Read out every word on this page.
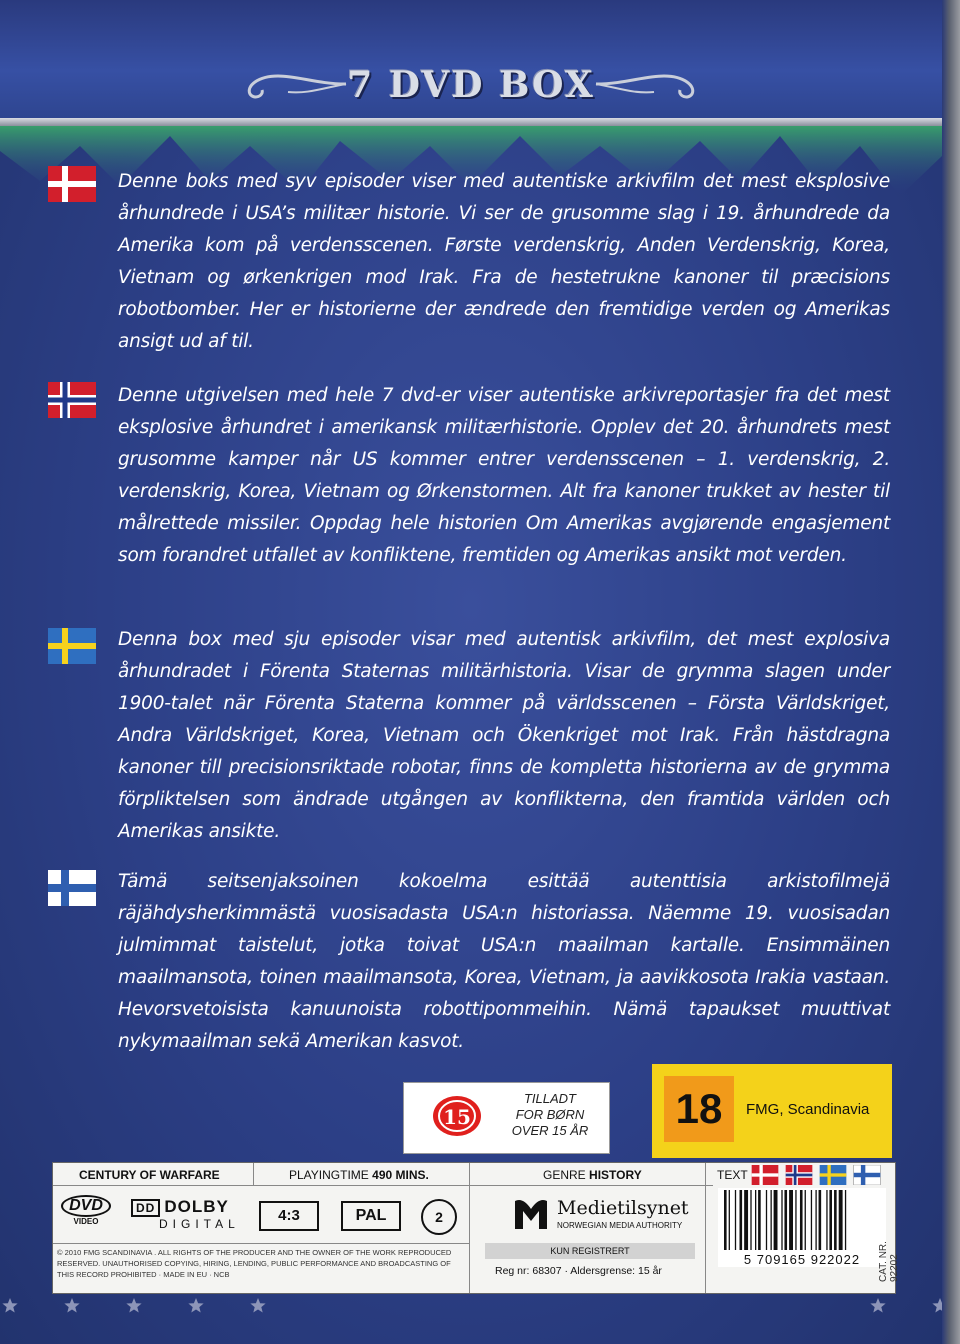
7 DVD BOX
Denne boks med syv episoder viser med autentiske arkivfilm det mest eksplosive århundrede i USA’s militær historie. Vi ser de grusomme slag i 19. århundrede da Amerika kom på verdensscenen. Første verdenskrig, Anden Verdenskrig, Korea, Vietnam og ørkenkrigen mod Irak. Fra de hestetrukne kanoner til præcisions robotbomber. Her er historierne der ændrede den fremtidige verden og Amerikas ansigt ud af til.
Denne utgivelsen med hele 7 dvd-er viser autentiske arkivreportasjer fra det mest eksplosive århundret i amerikansk militærhistorie. Opplev det 20. århundrets mest grusomme kamper når US kommer entrer verdensscenen – 1. verdenskrig, 2. verdenskrig, Korea, Vietnam og Ørkenstormen. Alt fra kanoner trukket av hester til målrettede missiler. Oppdag hele historien Om Amerikas avgjørende engasjement som forandret utfallet av konfliktene, fremtiden og Amerikas ansikt mot verden.
Denna box med sju episoder visar med autentisk arkivfilm, det mest explosiva århundradet i Förenta Staternas militärhistoria. Visar de grymma slagen under 1900-talet när Förenta Staterna kommer på världsscenen – Första Världskriget, Andra Världskriget, Korea, Vietnam och Ökenkriget mot Irak. Från hästdragna kanoner till precisionsriktade robotar, finns de kompletta historierna av de grymma förpliktelsen som ändrade utgången av konflikterna, den framtida världen och Amerikas ansikte.
Tämä seitsenjaksoinen kokoelma esittää autenttisia arkistofilmejä räjähdysherkimmästä vuosisadasta USA:n historiassa. Näemme 19. vuosisadan julmimmat taistelut, jotka toivat USA:n maailman kartalle. Ensimmäinen maailmansota, toinen maailmansota, Korea, Vietnam, ja aavikkosota Irakia vastaan. Hevorsvetoisista kanuunoista robottipommeihin. Nämä tapaukset muuttivat nykymaailman sekä Amerikan kasvot.
15
TILLADT
FOR BØRN
OVER 15 ÅR	18	FMG, Scandinavia
CENTURY OF WARFARE	PLAYINGTIME 490 MINS.	GENRE HISTORY	TEXT
DVD
VIDEO
DD DOLBY
DIGITAL	4:3	PAL	2
© 2010 FMG SCANDINAVIA . ALL RIGHTS OF THE PRODUCER AND THE OWNER OF THE WORK REPRODUCED RESERVED. UNAUTHORISED COPYING, HIRING, LENDING, PUBLIC PERFORMANCE AND BROADCASTING OF THIS RECORD PROHIBITED · MADE IN EU · NCB
Medietilsynet
NORWEGIAN MEDIA AUTHORITY
KUN REGISTRERT
Reg nr: 68307 · Aldersgrense: 15 år
5 709165 922022	CAT. NR. 92202
